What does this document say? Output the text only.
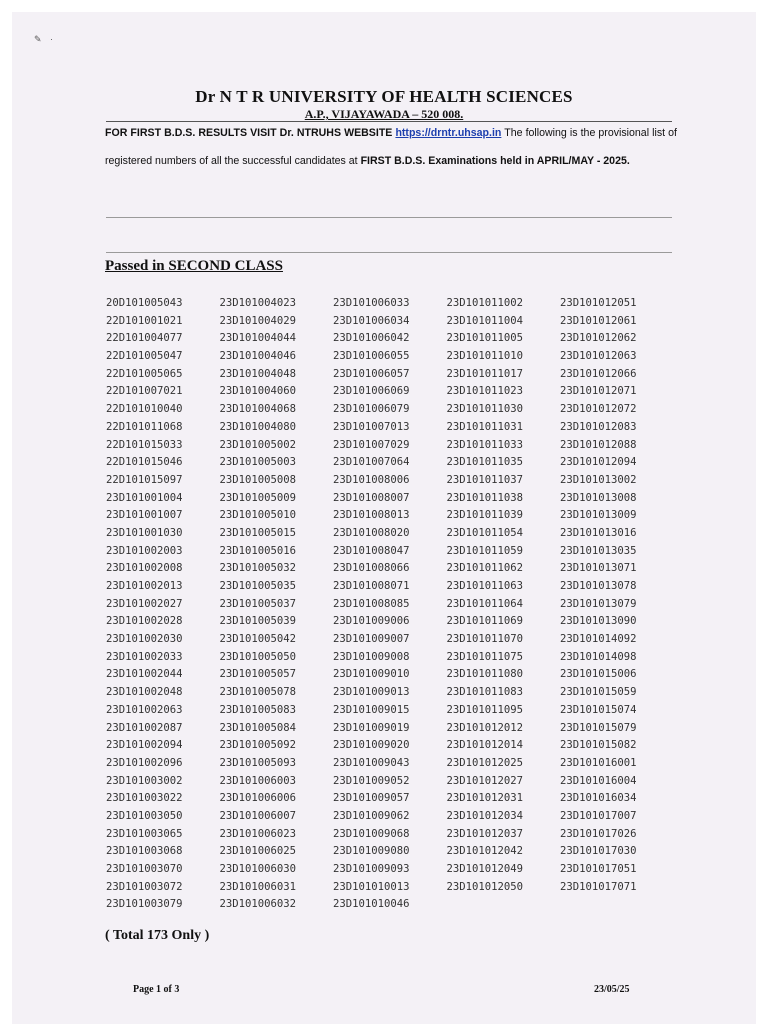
✎ ·
Dr N T R UNIVERSITY OF HEALTH SCIENCES
A.P., VIJAYAWADA – 520 008.
FOR FIRST B.D.S. RESULTS VISIT Dr. NTRUHS WEBSITE https://drntr.uhsap.in The following is the provisional list of registered numbers of all the successful candidates at FIRST B.D.S. Examinations held in APRIL/MAY - 2025.
Passed in SECOND CLASS
20D101005043	23D101004023	23D101006033	23D101011002	23D101012051
22D101001021	23D101004029	23D101006034	23D101011004	23D101012061
22D101004077	23D101004044	23D101006042	23D101011005	23D101012062
22D101005047	23D101004046	23D101006055	23D101011010	23D101012063
22D101005065	23D101004048	23D101006057	23D101011017	23D101012066
22D101007021	23D101004060	23D101006069	23D101011023	23D101012071
22D101010040	23D101004068	23D101006079	23D101011030	23D101012072
22D101011068	23D101004080	23D101007013	23D101011031	23D101012083
22D101015033	23D101005002	23D101007029	23D101011033	23D101012088
22D101015046	23D101005003	23D101007064	23D101011035	23D101012094
22D101015097	23D101005008	23D101008006	23D101011037	23D101013002
23D101001004	23D101005009	23D101008007	23D101011038	23D101013008
23D101001007	23D101005010	23D101008013	23D101011039	23D101013009
23D101001030	23D101005015	23D101008020	23D101011054	23D101013016
23D101002003	23D101005016	23D101008047	23D101011059	23D101013035
23D101002008	23D101005032	23D101008066	23D101011062	23D101013071
23D101002013	23D101005035	23D101008071	23D101011063	23D101013078
23D101002027	23D101005037	23D101008085	23D101011064	23D101013079
23D101002028	23D101005039	23D101009006	23D101011069	23D101013090
23D101002030	23D101005042	23D101009007	23D101011070	23D101014092
23D101002033	23D101005050	23D101009008	23D101011075	23D101014098
23D101002044	23D101005057	23D101009010	23D101011080	23D101015006
23D101002048	23D101005078	23D101009013	23D101011083	23D101015059
23D101002063	23D101005083	23D101009015	23D101011095	23D101015074
23D101002087	23D101005084	23D101009019	23D101012012	23D101015079
23D101002094	23D101005092	23D101009020	23D101012014	23D101015082
23D101002096	23D101005093	23D101009043	23D101012025	23D101016001
23D101003002	23D101006003	23D101009052	23D101012027	23D101016004
23D101003022	23D101006006	23D101009057	23D101012031	23D101016034
23D101003050	23D101006007	23D101009062	23D101012034	23D101017007
23D101003065	23D101006023	23D101009068	23D101012037	23D101017026
23D101003068	23D101006025	23D101009080	23D101012042	23D101017030
23D101003070	23D101006030	23D101009093	23D101012049	23D101017051
23D101003072	23D101006031	23D101010013	23D101012050	23D101017071
23D101003079	23D101006032	23D101010046
( Total 173 Only )
Page 1 of 3	23/05/25
